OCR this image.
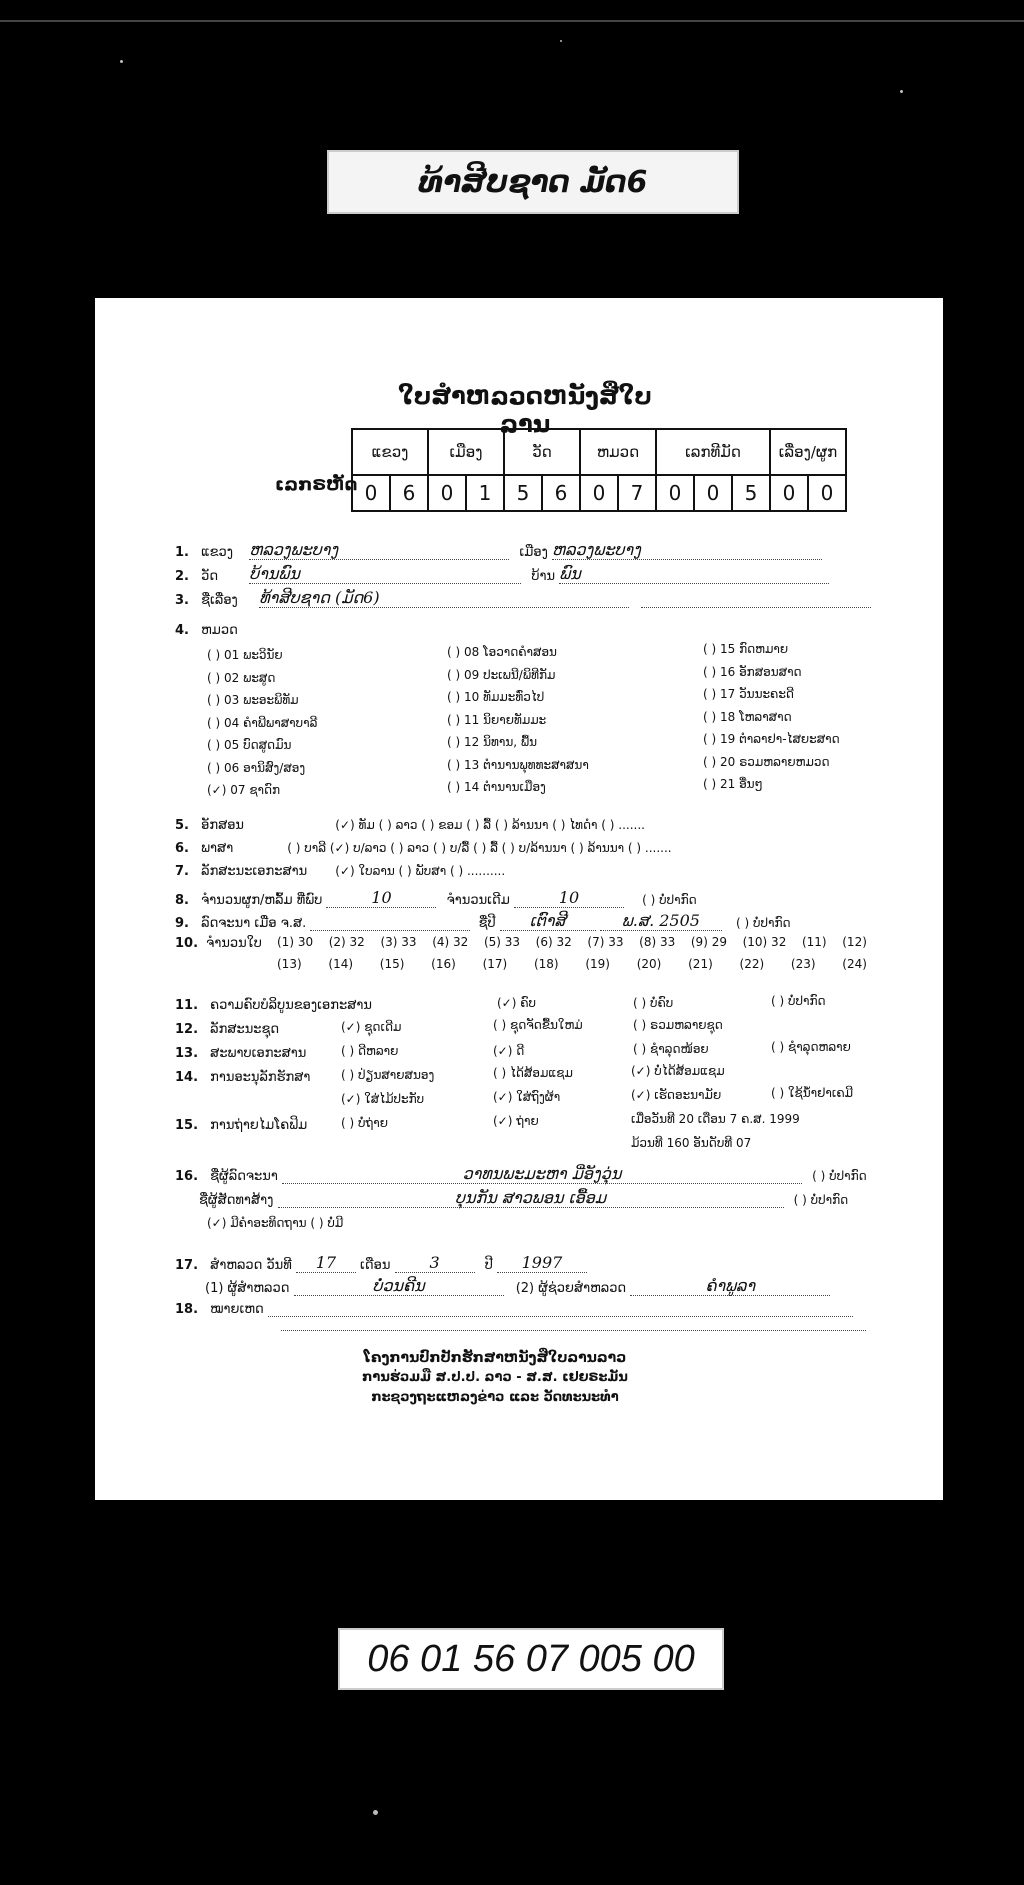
ທ້າສີບຊາດ ມັດ6
ໃບສຳຫລວດຫນັງສືໃບລານ
ເລກຣຫັດ
ແຂວງ		ເມືອງ		ວັດ		ຫມວດ		ເລກທີມັດ			ເລື່ອງ/ຜູກ	
0	6	0	1	5	6	0	7	0	0	5	0	0
1. ແຂວງ ຫລວງພະບາງ	ເມືອງ ຫລວງພະບາງ
2. ວັດ ບ້ານພົນ	ບ້ານ ພົນ
3. ຊື່ເລື່ອງ ທ້າສີບຊາດ (ມັດ6)
4. ຫມວດ
( ) 01 ພະວິນັຍ
( ) 02 ພະສູດ
( ) 03 ພະອະພິທັມ
( ) 04 ຄຳພີພາສາບາລີ
( ) 05 ບົດສູດມົນ
( ) 06 ອານິສົງ/ສອງ
(✓) 07 ຊາດົກ
( ) 08 ໂອວາດຄຳສອນ
( ) 09 ປະເພນີ/ພິທີກັມ
( ) 10 ທັມມະທົ່ວໄປ
( ) 11 ນິຍາຍທັມມະ
( ) 12 ນິທານ, ພື້ນ
( ) 13 ຕຳນານພຸທທະສາສນາ
( ) 14 ຕຳນານເມືອງ
( ) 15 ກົດຫມາຍ
( ) 16 ອັກສອນສາດ
( ) 17 ວັນນະຄະດີ
( ) 18 ໂຫລາສາດ
( ) 19 ຕຳລາຢາ-ໄສຍະສາດ
( ) 20 ຣວມຫລາຍຫມວດ
( ) 21 ອື່ນໆ
5. ອັກສອນ	(✓) ທັມ ( ) ລາວ ( ) ຂອມ ( ) ລື້ ( ) ລ້ານນາ ( ) ໄທດຳ ( ) .......
6. ພາສາ	( ) ບາລີ (✓) ບ/ລາວ ( ) ລາວ ( ) ບ/ລື້ ( ) ລື້ ( ) ບ/ລ້ານນາ ( ) ລ້ານນາ ( ) .......
7. ລັກສະນະເອກະສານ (✓) ໃບລານ ( ) ພັບສາ ( ) ..........
8. ຈຳນວນຜູກ/ຫລົ້ມ ທີ່ພົບ	10	ຈຳນວນເດີມ	10	( ) ບໍ່ປາກົດ
9. ລົດຈະນາ ເມື່ອ ຈ.ສ.	ຊື່ປີ ເຕົາສີ	ພ.ສ. 2505	( ) ບໍ່ປາກົດ
10. ຈຳນວນໃບ	(1) 30 (2) 32 (3) 33 (4) 32 (5) 33 (6) 32 (7) 33 (8) 33 (9) 29 (10) 32 (11) (12)
(13) (14) (15) (16) (17) (18) (19) (20) (21) (22) (23) (24)
11. ຄວາມຄົບບໍລິບູນຂອງເອກະສານ	(✓) ຄົບ	( ) ບໍ່ຄົບ	( ) ບໍ່ປາກົດ
12. ລັກສະນະຊຸດ	(✓) ຊຸດເດີມ	( ) ຊຸດຈັດຂື້ນໃຫມ່	( ) ຣວມຫລາຍຊຸດ
13. ສະພາບເອກະສານ	( ) ດີຫລາຍ	(✓) ດີ	( ) ຊຳລຸດໜ້ອຍ	( ) ຊຳລຸດຫລາຍ
14. ການອະນຸລັກຮັກສາ	( ) ປ່ຽນສາຍສນອງ	( ) ໄດ້ສ້ອມແຊມ	(✓) ບໍ່ໄດ້ສ້ອມແຊມ
(✓) ໃສ່ໄມ້ປະກັບ	(✓) ໃສ່ຖົງຜ້າ	(✓) ເຮັດອະນາມັຍ	( ) ໃຊ້ນ້ຳຢາເຄມີ
15. ການຖ່າຍໄມໂຄຟິມ	( ) ບໍ່ຖ່າຍ	(✓) ຖ່າຍ	ເມື່ອວັນທີ 20 ເດືອນ 7 ຄ.ສ. 1999
ມ້ວນທີ 160 ອັນດັບທີ 07
16. ຊື່ຜູ້ລົດຈະນາ	ວາທນພະມະຫາ ມີ່ອັງວຸ່ນ	( ) ບໍ່ປາກົດ
ຊື່ຜູ້ສັດທາສ້າງ	ບຸນກັນ ສາວພອນ ເອື້ອມ	( ) ບໍ່ປາກົດ
(✓) ມີຄຳອະທິດຖານ ( ) ບໍ່ມີ
17. ສຳຫລວດ ວັນທີ 17 ເດືອນ 3	ປີ 1997
(1) ຜູ້ສຳຫລວດ	ບໍ່ວນຄີນ	(2) ຜູ້ຊ່ວຍສຳຫລວດ	ຄຳພູລາ
18. ໝາຍເຫດ
ໂຄງການປົກປັກຮັກສາຫນັງສືໃບລານລາວ
ການຮ່ວມມື ສ.ປ.ປ. ລາວ - ສ.ສ. ເຢຍຣະມັນ
ກະຊວງຖະແຫລງຂ່າວ ແລະ ວັດທະນະທຳ
06 01 56 07 005 00
